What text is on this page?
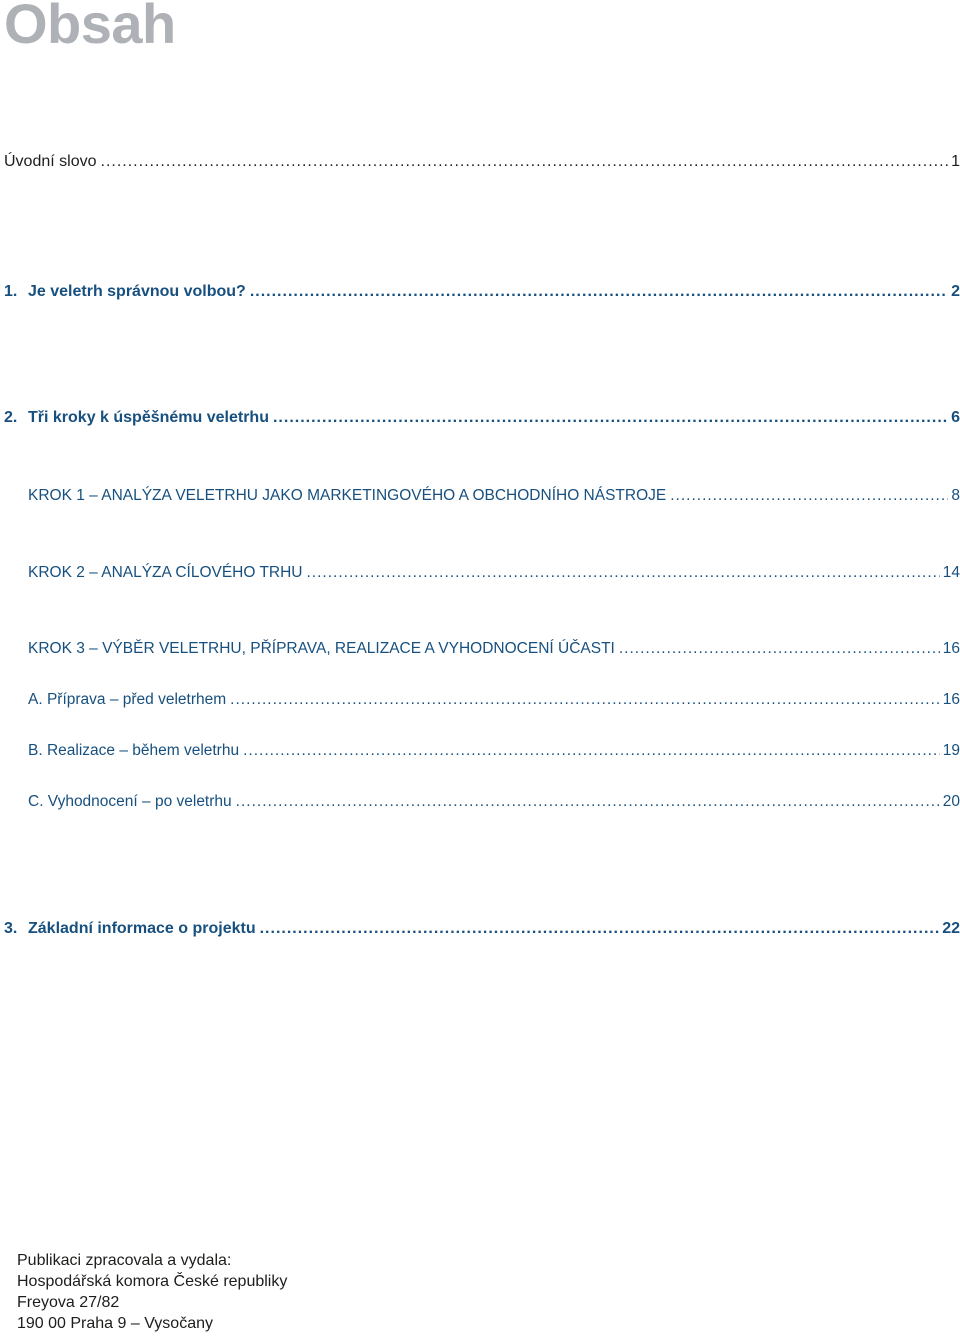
Obsah
Úvodní slovo .....	1
1. Je veletrh správnou volbou? .....	2
2. Tři kroky k úspěšnému veletrhu .....	6
KROK 1 – ANALÝZA VELETRHU JAKO MARKETINGOVÉHO A OBCHODNÍHO NÁSTROJE .....	8
KROK 2 – ANALÝZA CÍLOVÉHO TRHU .....	14
KROK 3 – VÝBĚR VELETRHU, PŘÍPRAVA, REALIZACE A VYHODNOCENÍ ÚČASTI .....	16
A. Příprava – před veletrhem .....	16
B. Realizace – během veletrhu .....	19
C. Vyhodnocení – po veletrhu .....	20
3. Základní informace o projektu .....	22
Publikaci zpracovala a vydala:
Hospodářská komora České republiky
Freyova 27/82
190 00 Praha 9 – Vysočany
